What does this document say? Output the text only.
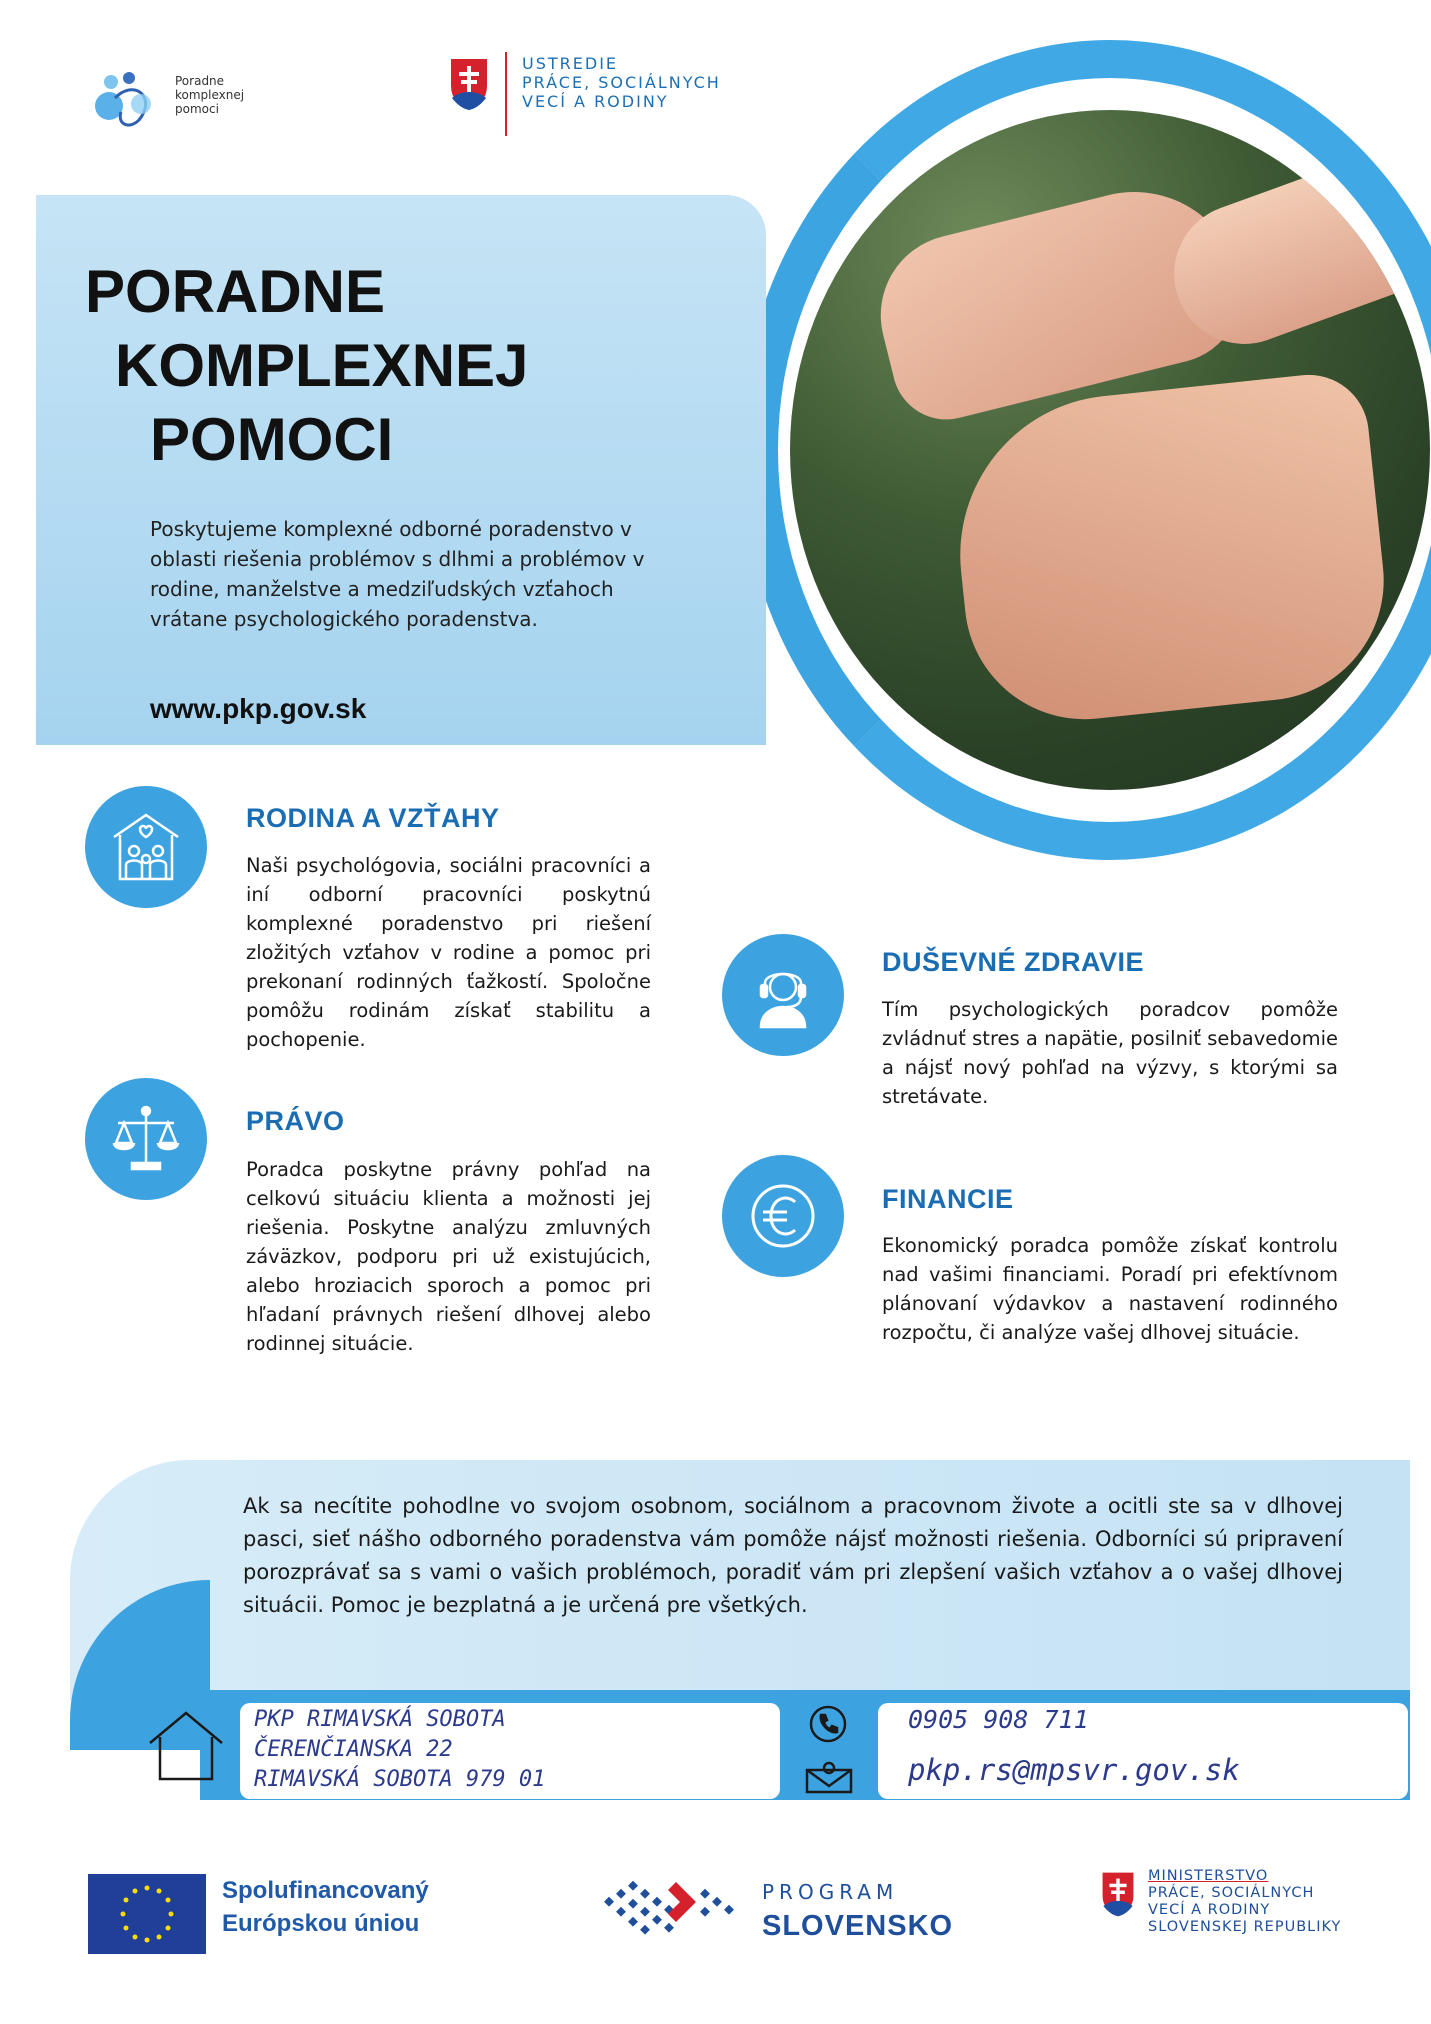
Poradne
komplexnej
pomoci
USTREDIE
PRÁCE, SOCIÁLNYCH
VECÍ A RODINY
PORADNE
KOMPLEXNEJ
POMOCI
Poskytujeme komplexné odborné poradenstvo v oblasti riešenia problémov s dlhmi a problémov v rodine, manželstve a medziľudských vzťahoch vrátane psychologického poradenstva.
www.pkp.gov.sk
RODINA A VZŤAHY
Naši psychológovia, sociálni pracovníci a iní odborní pracovníci poskytnú komplexné poradenstvo pri riešení zložitých vzťahov v rodine a pomoc pri prekonaní rodinných ťažkostí. Spoločne pomôžu rodinám získať stabilitu a pochopenie.
DUŠEVNÉ ZDRAVIE
Tím psychologických poradcov pomôže zvládnuť stres a napätie, posilniť sebavedomie a nájsť nový pohľad na výzvy, s ktorými sa stretávate.
PRÁVO
Poradca poskytne právny pohľad na celkovú situáciu klienta a možnosti jej riešenia. Poskytne analýzu zmluvných záväzkov, podporu pri už existujúcich, alebo hroziacich sporoch a pomoc pri hľadaní právnych riešení dlhovej alebo rodinnej situácie.
FINANCIE
Ekonomický poradca pomôže získať kontrolu nad vašimi financiami. Poradí pri efektívnom plánovaní výdavkov a nastavení rodinného rozpočtu, či analýze vašej dlhovej situácie.
Ak sa necítite pohodlne vo svojom osobnom, sociálnom a pracovnom živote a ocitli ste sa v dlhovej pasci, sieť nášho odborného poradenstva vám pomôže nájsť možnosti riešenia. Odborníci sú pripravení porozprávať sa s vami o vašich problémoch, poradiť vám pri zlepšení vašich vzťahov a o vašej dlhovej situácii. Pomoc je bezplatná a je určená pre všetkých.
PKP RIMAVSKÁ SOBOTA
ČERENČIANSKA 22
RIMAVSKÁ SOBOTA 979 01
0905 908 711
pkp.rs@mpsvr.gov.sk
Spolufinancovaný
Európskou úniou
PROGRAM
SLOVENSKO
MINISTERSTVO
PRÁCE, SOCIÁLNYCH
VECÍ A RODINY
SLOVENSKEJ REPUBLIKY
